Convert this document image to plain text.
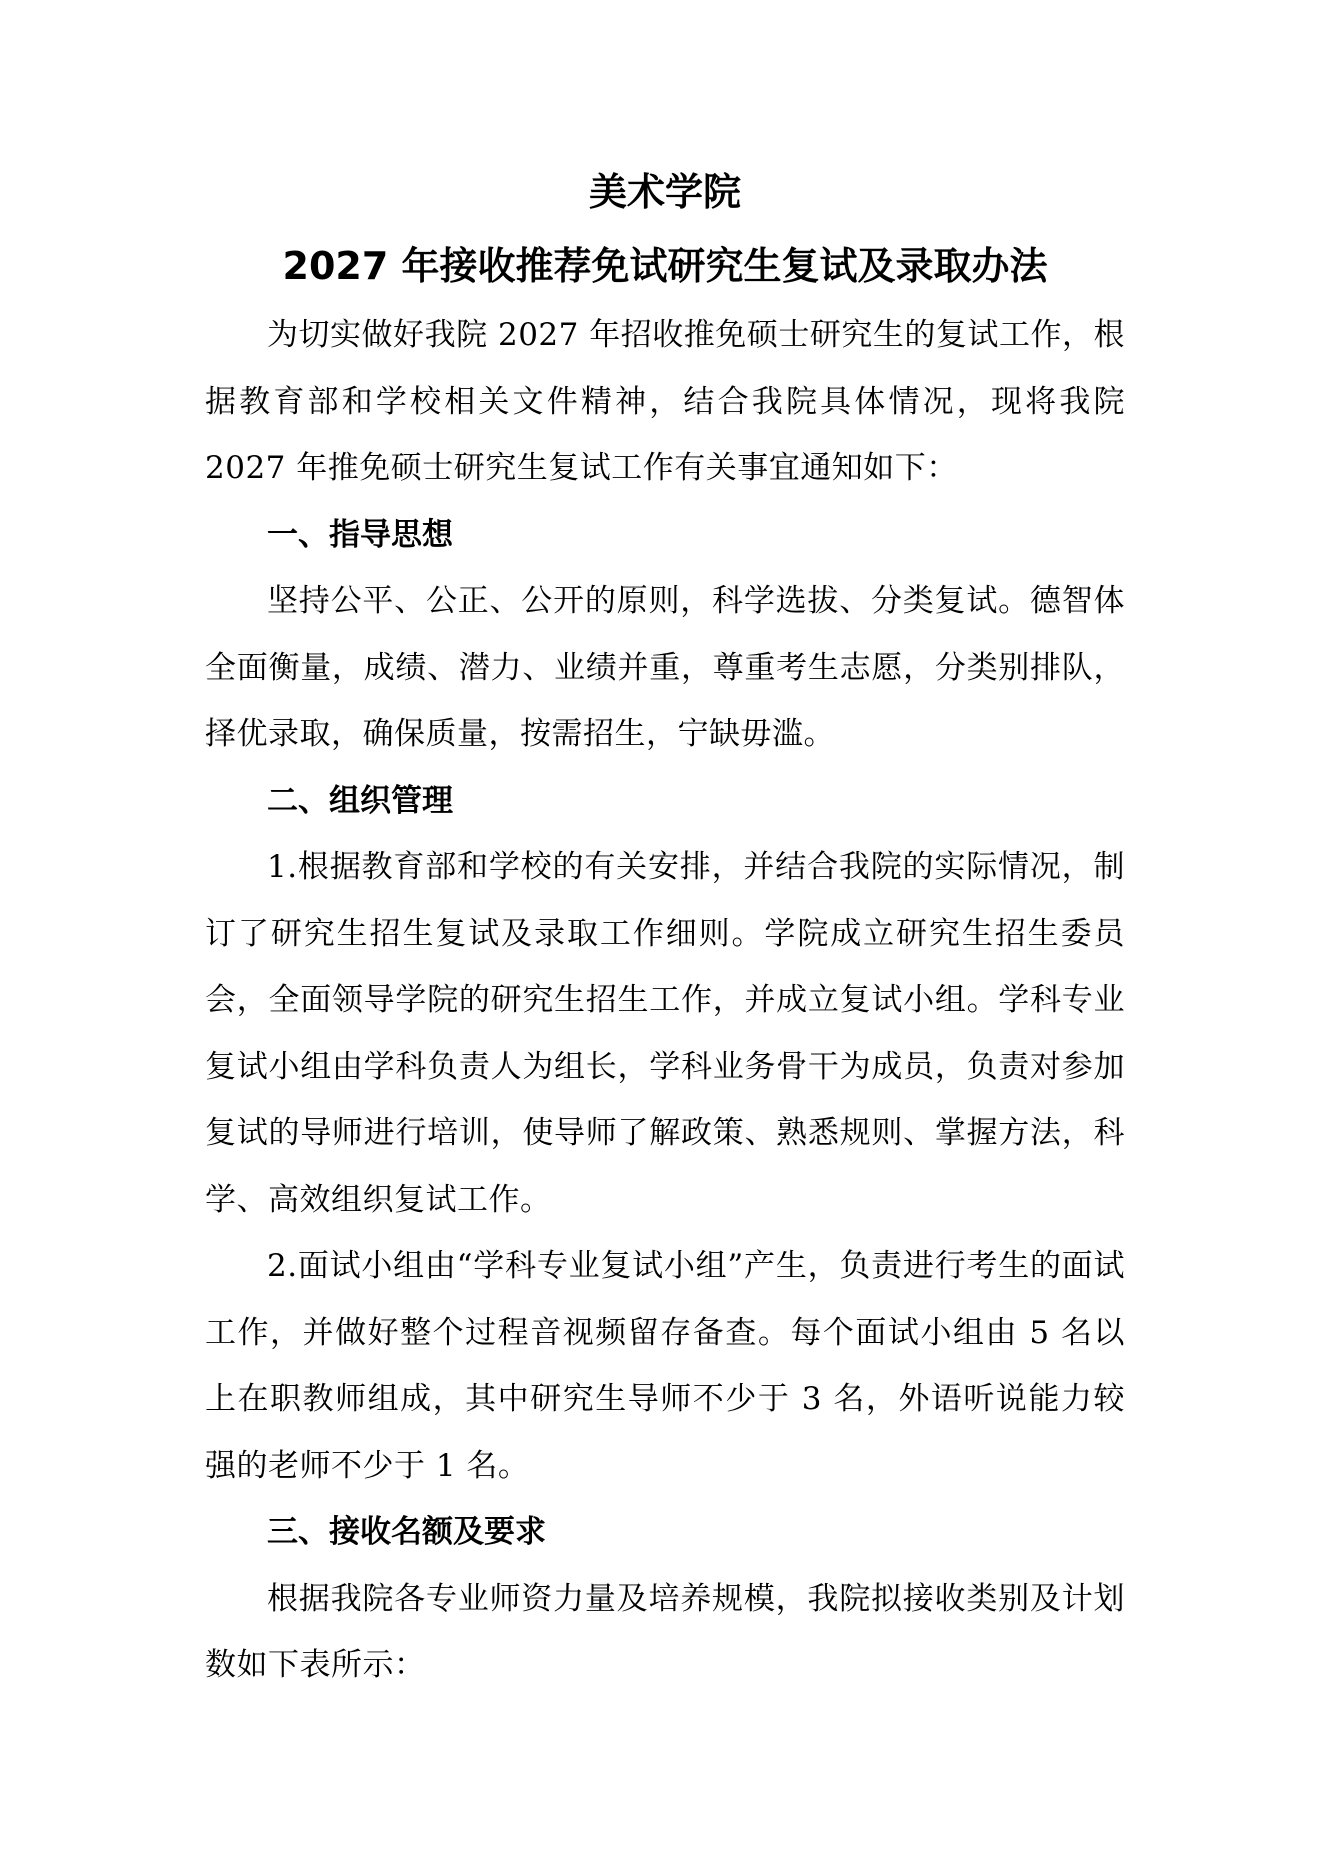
美术学院
2027 年接收推荐免试研究生复试及录取办法

为切实做好我院 2027 年招收推免硕士研究生的复试工作，根据教育部和学校相关文件精神，结合我院具体情况，现将我院 2027 年推免硕士研究生复试工作有关事宜通知如下：

一、指导思想

坚持公平、公正、公开的原则，科学选拔、分类复试。德智体全面衡量，成绩、潜力、业绩并重，尊重考生志愿，分类别排队，择优录取，确保质量，按需招生，宁缺毋滥。

二、组织管理

1.根据教育部和学校的有关安排，并结合我院的实际情况，制订了研究生招生复试及录取工作细则。学院成立研究生招生委员会，全面领导学院的研究生招生工作，并成立复试小组。学科专业复试小组由学科负责人为组长，学科业务骨干为成员，负责对参加复试的导师进行培训，使导师了解政策、熟悉规则、掌握方法，科学、高效组织复试工作。

2.面试小组由“学科专业复试小组”产生，负责进行考生的面试工作，并做好整个过程音视频留存备查。每个面试小组由 5 名以上在职教师组成，其中研究生导师不少于 3 名，外语听说能力较强的老师不少于 1 名。

三、接收名额及要求

根据我院各专业师资力量及培养规模，我院拟接收类别及计划数如下表所示：
